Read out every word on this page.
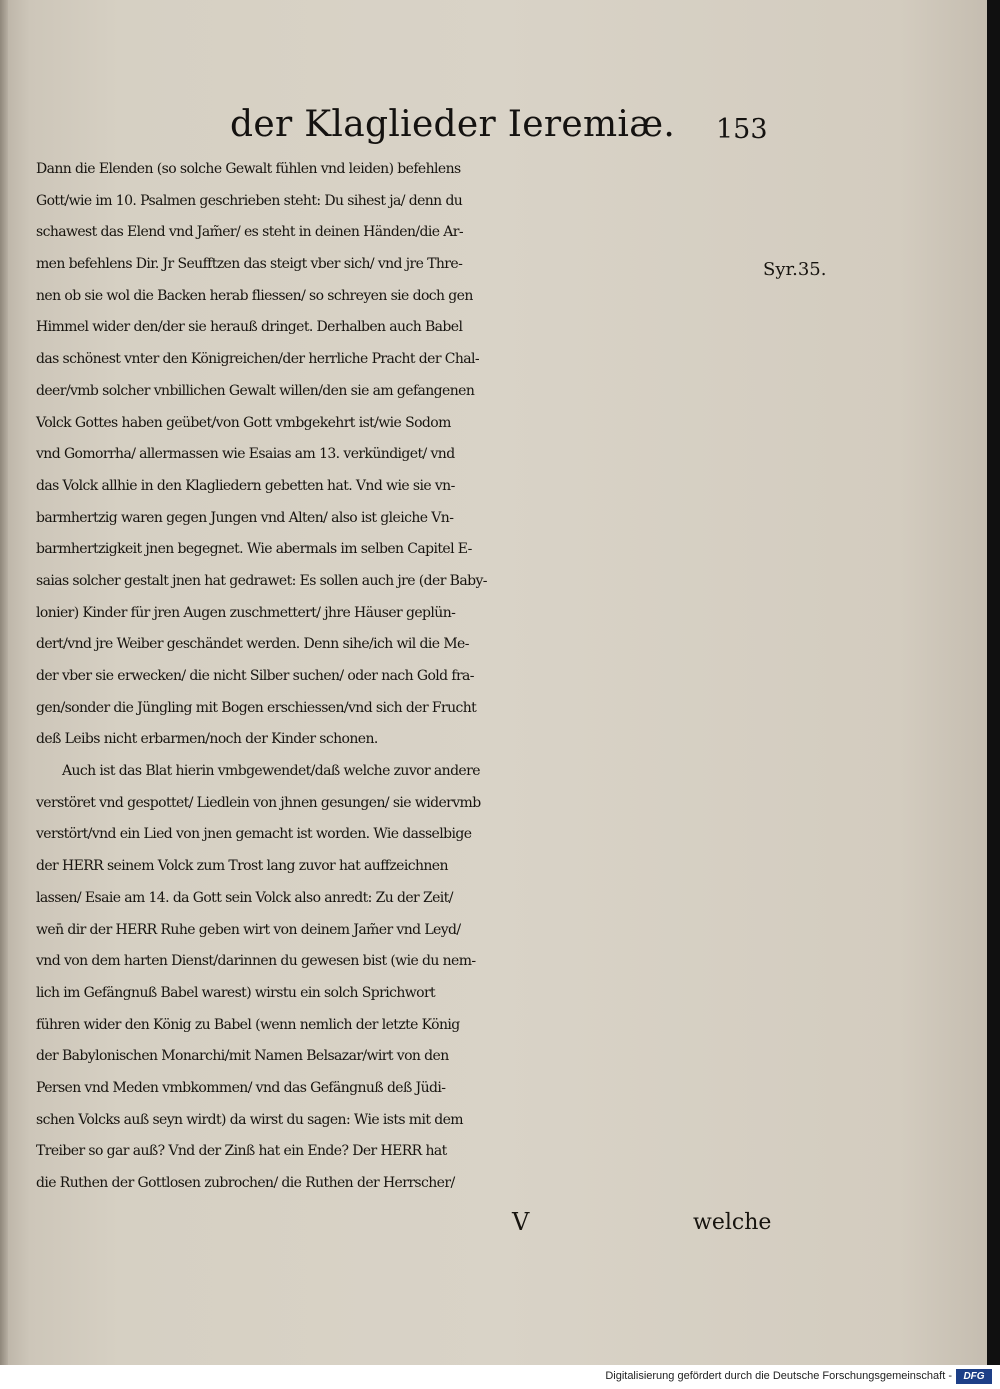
der Klaglieder Ieremiæ. 153
Syr.35.
Dann die Elenden (so solche Gewalt fühlen vnd leiden) befehlens
Gott/wie im 10. Psalmen geschrieben steht: Du sihest ja/ denn du
schawest das Elend vnd Jam̃er/ es steht in deinen Händen/die Ar-
men befehlens Dir. Jr Seufftzen das steigt vber sich/ vnd jre Thre-
nen ob sie wol die Backen herab fliessen/ so schreyen sie doch gen
Himmel wider den/der sie herauß dringet. Derhalben auch Babel
das schönest vnter den Königreichen/der herrliche Pracht der Chal-
deer/vmb solcher vnbillichen Gewalt willen/den sie am gefangenen
Volck Gottes haben geübet/von Gott vmbgekehrt ist/wie Sodom
vnd Gomorrha/ allermassen wie Esaias am 13. verkündiget/ vnd
das Volck allhie in den Klagliedern gebetten hat. Vnd wie sie vn-
barmhertzig waren gegen Jungen vnd Alten/ also ist gleiche Vn-
barmhertzigkeit jnen begegnet. Wie abermals im selben Capitel E-
saias solcher gestalt jnen hat gedrawet: Es sollen auch jre (der Baby-
lonier) Kinder für jren Augen zuschmettert/ jhre Häuser geplün-
dert/vnd jre Weiber geschändet werden. Denn sihe/ich wil die Me-
der vber sie erwecken/ die nicht Silber suchen/ oder nach Gold fra-
gen/sonder die Jüngling mit Bogen erschiessen/vnd sich der Frucht
deß Leibs nicht erbarmen/noch der Kinder schonen.
Auch ist das Blat hierin vmbgewendet/daß welche zuvor andere
verstöret vnd gespottet/ Liedlein von jhnen gesungen/ sie widervmb
verstört/vnd ein Lied von jnen gemacht ist worden. Wie dasselbige
der HERR seinem Volck zum Trost lang zuvor hat auffzeichnen
lassen/ Esaie am 14. da Gott sein Volck also anredt: Zu der Zeit/
wen̄ dir der HERR Ruhe geben wirt von deinem Jam̃er vnd Leyd/
vnd von dem harten Dienst/darinnen du gewesen bist (wie du nem-
lich im Gefängnuß Babel warest) wirstu ein solch Sprichwort
führen wider den König zu Babel (wenn nemlich der letzte König
der Babylonischen Monarchi/mit Namen Belsazar/wirt von den
Persen vnd Meden vmbkommen/ vnd das Gefängnuß deß Jüdi-
schen Volcks auß seyn wirdt) da wirst du sagen: Wie ists mit dem
Treiber so gar auß? Vnd der Zinß hat ein Ende? Der HERR hat
die Ruthen der Gottlosen zubrochen/ die Ruthen der Herrscher/
V	welche
Digitalisierung gefördert durch die Deutsche Forschungsgemeinschaft -	DFG
